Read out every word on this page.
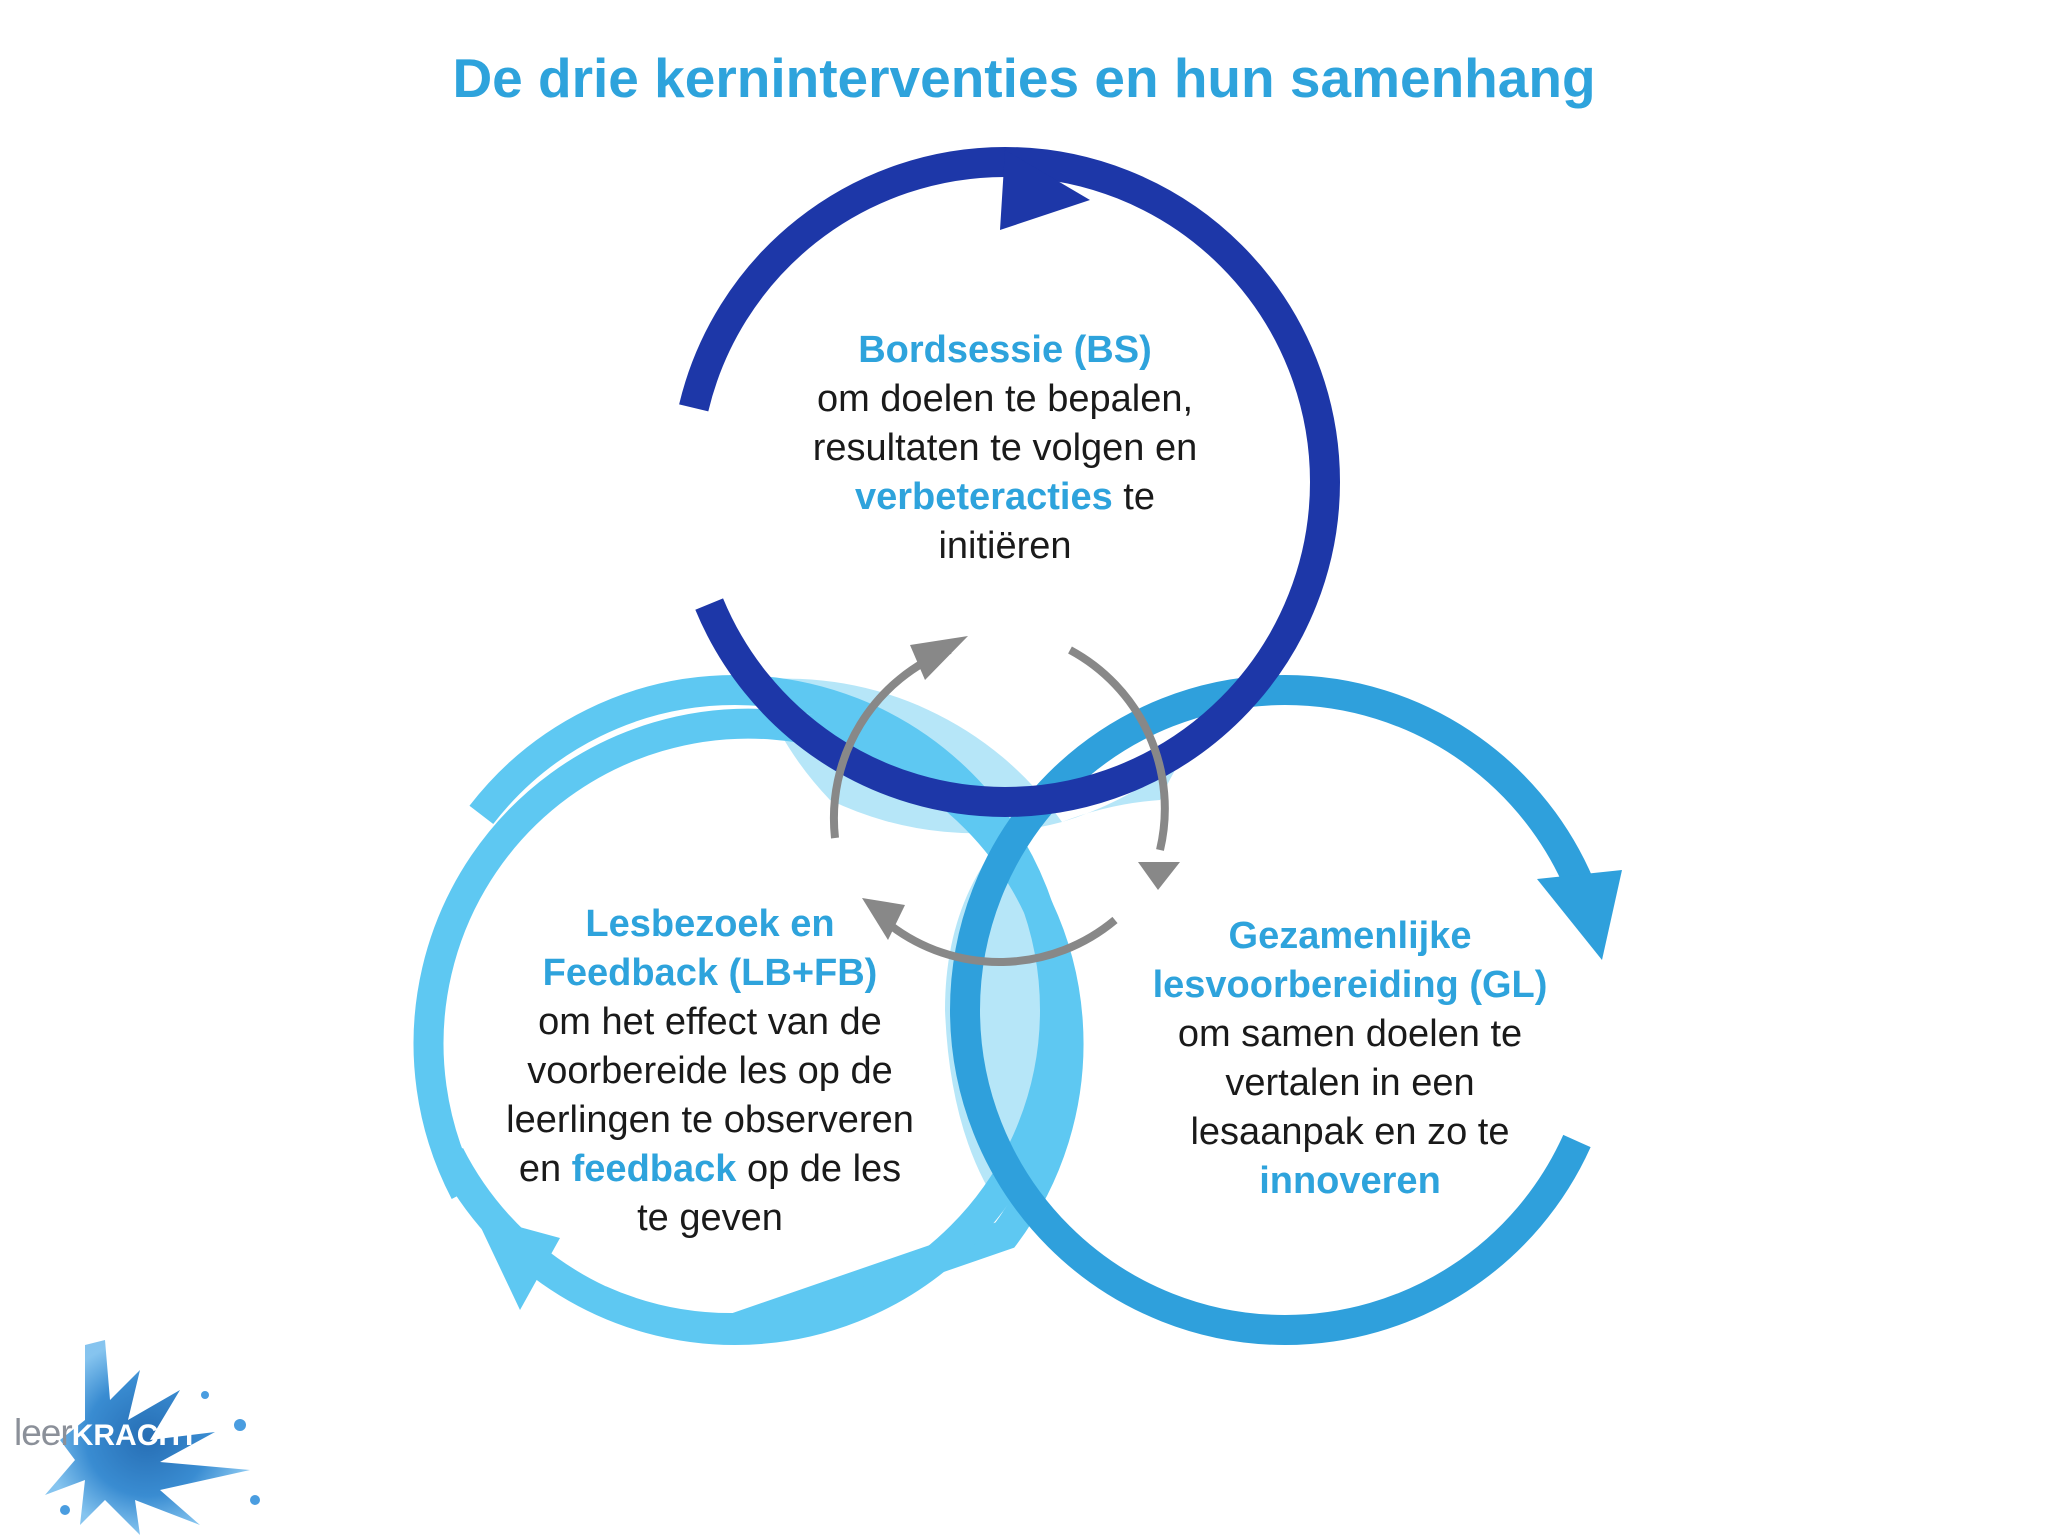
De drie kerninterventies en hun samenhang
Bordsessie (BS)
om doelen te bepalen,
resultaten te volgen en
verbeteracties te
initiëren
Lesbezoek en
Feedback (LB+FB)
om het effect van de
voorbereide les op de
leerlingen te observeren
en feedback op de les
te geven
Gezamenlijke
lesvoorbereiding (GL)
om samen doelen te
vertalen in een
lesaanpak en zo te
innoveren
leerKRACHT
